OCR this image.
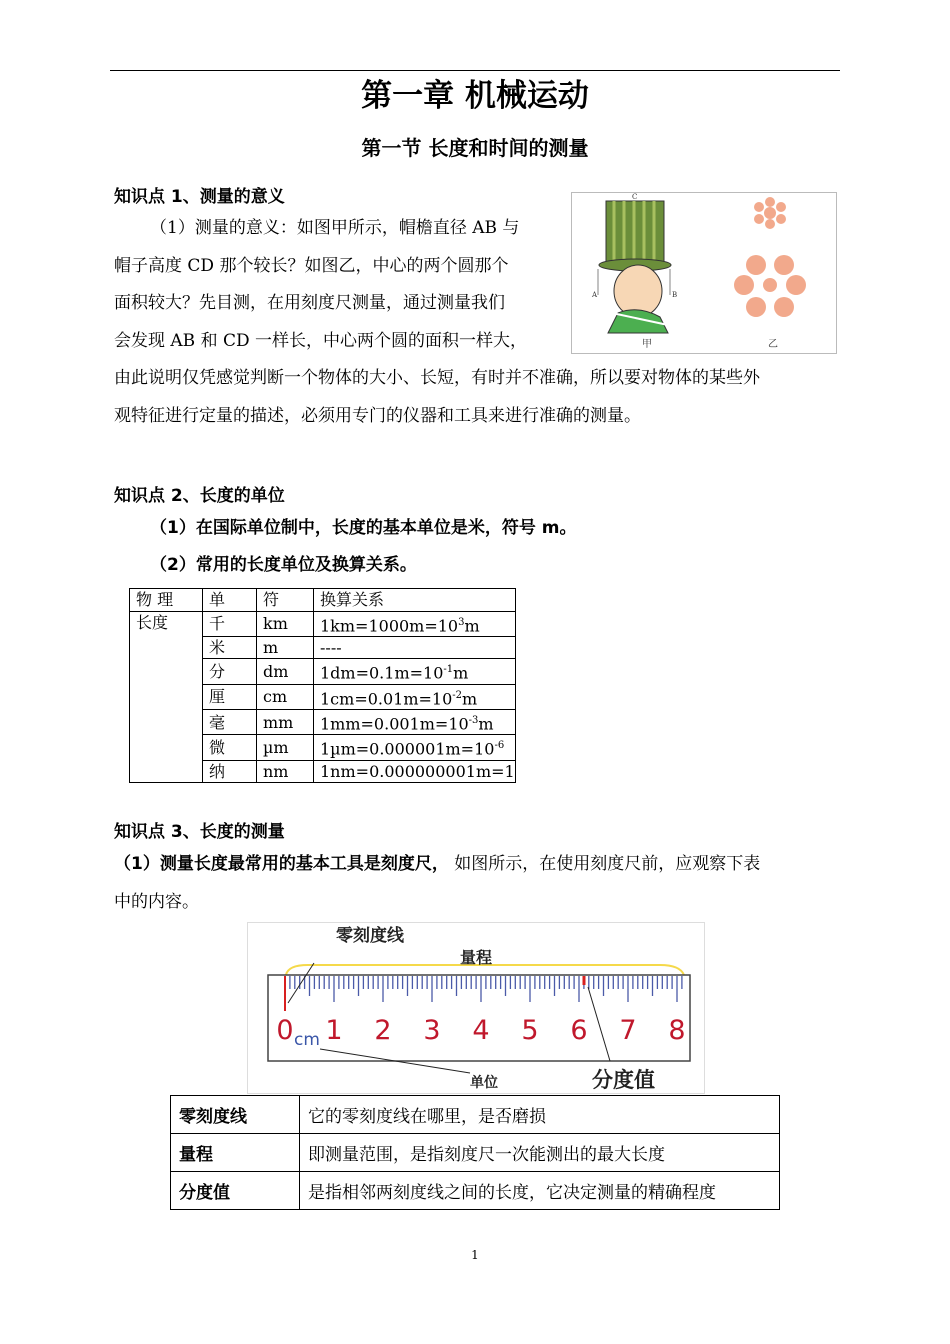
第一章 机械运动
第一节 长度和时间的测量
知识点 1、测量的意义
（1）测量的意义：如图甲所示，帽檐直径 AB 与
帽子高度 CD 那个较长？如图乙，中心的两个圆那个
面积较大？先目测，在用刻度尺测量，通过测量我们
会发现 AB 和 CD 一样长，中心两个圆的面积一样大，
由此说明仅凭感觉判断一个物体的大小、长短，有时并不准确，所以要对物体的某些外
观特征进行定量的描述，必须用专门的仪器和工具来进行准确的测量。
C
A	B
甲	乙
知识点 2、长度的单位
（1）在国际单位制中，长度的基本单位是米，符号 m。
（2）常用的长度单位及换算关系。
物 理	单	符	换算关系
长度	千	km	$1km=1000m=10^3m$
	米	m	----
	分	dm	$1dm=0.1m=10^{-1}m$
	厘	cm	$1cm=0.01m=10^{-2}m$
	毫	mm	$1mm=0.001m=10^{-3}m$
	微	µm	$1\mu m=0.000001m=10^{-6}$
	纳	nm	1nm=0.000000001m=1
知识点 3、长度的测量
（1）测量长度最常用的基本工具是刻度尺， 如图所示，在使用刻度尺前，应观察下表
中的内容。
0 1 2 3 4 5 6 7 8
cm
零刻度线
量程
单位	分度值
零刻度线	它的零刻度线在哪里，是否磨损
量程	即测量范围，是指刻度尺一次能测出的最大长度
分度值	是指相邻两刻度线之间的长度，它决定测量的精确程度
1
